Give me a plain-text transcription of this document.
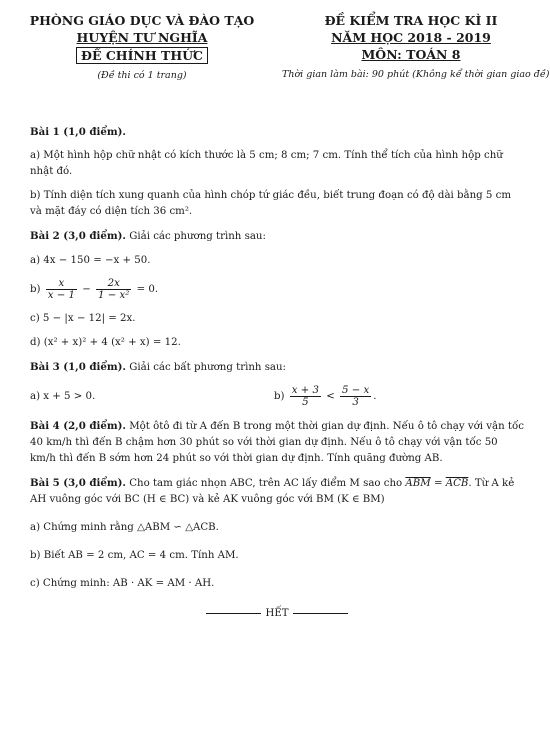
PHÒNG GIÁO DỤC VÀ ĐÀO TẠO
HUYỆN TƯ NGHĨA
ĐỀ CHÍNH THỨC
(Đề thi có 1 trang)
ĐỀ KIỂM TRA HỌC KÌ II
NĂM HỌC 2018 - 2019
MÔN: TOÁN 8
Thời gian làm bài: 90 phút (Không kể thời gian giao đề)
Bài 1 (1,0 điểm).
a) Một hình hộp chữ nhật có kích thước là 5 cm; 8 cm; 7 cm. Tính thể tích của hình hộp chữ nhật đó.
b) Tính diện tích xung quanh của hình chóp tứ giác đều, biết trung đoạn có độ dài bằng 5 cm và mặt đáy có diện tích 36 cm².
Bài 2 (3,0 điểm). Giải các phương trình sau:
a) 4x − 150 = −x + 50.
$b) \frac{x}{x - 1} - \frac{2x}{\text{1 − x²}} = 0$.
c) 5 − |x − 12| = 2x.
d) (x² + x)² + 4 (x² + x) = 12.
Bài 3 (1,0 điểm). Giải các bất phương trình sau:
a) x + 5 > 0.	$b) \frac{x + 3}{5} < \frac{5 - x}{3}$ .
Bài 4 (2,0 điểm). Một ôtô đi từ A đến B trong một thời gian dự định. Nếu ô tô chạy với vận tốc 40 km/h thì đến B chậm hơn 30 phút so với thời gian dự định. Nếu ô tô chạy với vận tốc 50 km/h thì đến B sớm hơn 24 phút so với thời gian dự định. Tính quãng đường AB.
Bài 5 (3,0 điểm). Cho tam giác nhọn ABC, trên AC lấy điểm M sao cho $\overline{ABM} = \overline{ACB}$. Từ A kẻ AH vuông góc với BC (H ∈ BC) và kẻ AK vuông góc với BM (K ∈ BM)
a) Chứng minh rằng △ABM ∽ △ACB.
b) Biết AB = 2 cm, AC = 4 cm. Tính AM.
c) Chứng minh: AB · AK = AM · AH.
HẾT
